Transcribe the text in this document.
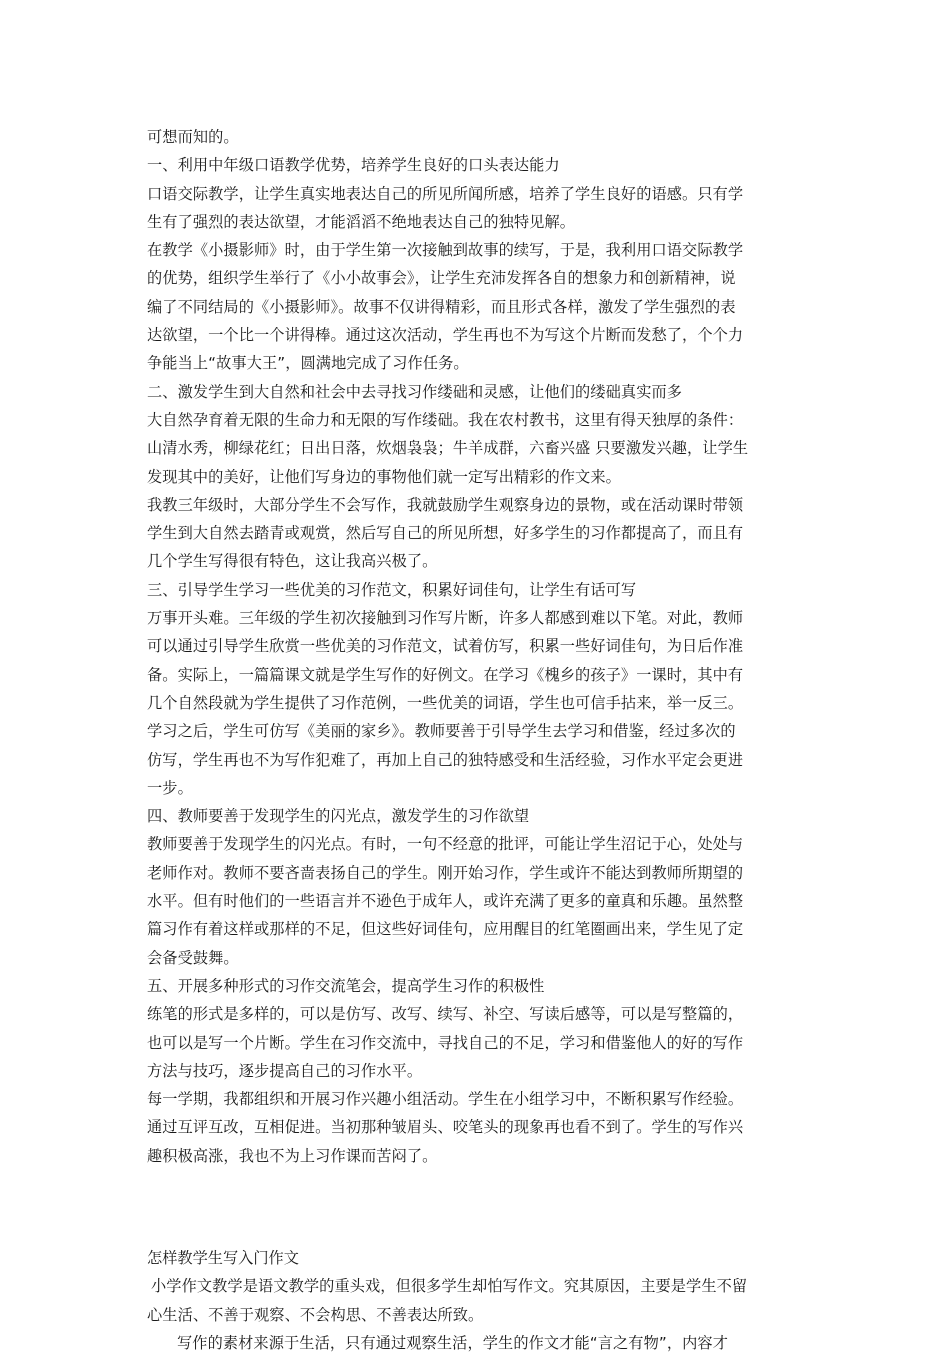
可想而知的。
一、利用中年级口语教学优势，培养学生良好的口头表达能力
口语交际教学，让学生真实地表达自己的所见所闻所感，培养了学生良好的语感。只有学
生有了强烈的表达欲望，才能滔滔不绝地表达自己的独特见解。
在教学《小摄影师》时，由于学生第一次接触到故事的续写，于是，我利用口语交际教学
的优势，组织学生举行了《小小故事会》，让学生充沛发挥各自的想象力和创新精神，说
编了不同结局的《小摄影师》。故事不仅讲得精彩，而且形式各样，激发了学生强烈的表
达欲望，一个比一个讲得棒。通过这次活动，学生再也不为写这个片断而发愁了，个个力
争能当上“故事大王”，圆满地完成了习作任务。
二、激发学生到大自然和社会中去寻找习作缕础和灵感，让他们的缕础真实而多
大自然孕育着无限的生命力和无限的写作缕础。我在农村教书，这里有得天独厚的条件：
山清水秀，柳绿花红；日出日落，炊烟袅袅；牛羊成群，六畜兴盛 只要激发兴趣，让学生
发现其中的美好，让他们写身边的事物他们就一定写出精彩的作文来。
我教三年级时，大部分学生不会写作，我就鼓励学生观察身边的景物，或在活动课时带领
学生到大自然去踏青或观赏，然后写自己的所见所想，好多学生的习作都提高了，而且有
几个学生写得很有特色，这让我高兴极了。
三、引导学生学习一些优美的习作范文，积累好词佳句，让学生有话可写
万事开头难。三年级的学生初次接触到习作写片断，许多人都感到难以下笔。对此，教师
可以通过引导学生欣赏一些优美的习作范文，试着仿写，积累一些好词佳句，为日后作准
备。实际上，一篇篇课文就是学生写作的好例文。在学习《槐乡的孩子》一课时，其中有
几个自然段就为学生提供了习作范例，一些优美的词语，学生也可信手拈来，举一反三。
学习之后，学生可仿写《美丽的家乡》。教师要善于引导学生去学习和借鉴，经过多次的
仿写，学生再也不为写作犯难了，再加上自己的独特感受和生活经验，习作水平定会更进
一步。
四、教师要善于发现学生的闪光点，激发学生的习作欲望
教师要善于发现学生的闪光点。有时，一句不经意的批评，可能让学生沼记于心，处处与
老师作对。教师不要吝啬表扬自己的学生。刚开始习作，学生或许不能达到教师所期望的
水平。但有时他们的一些语言并不逊色于成年人，或许充满了更多的童真和乐趣。虽然整
篇习作有着这样或那样的不足，但这些好词佳句，应用醒目的红笔圈画出来，学生见了定
会备受鼓舞。
五、开展多种形式的习作交流笔会，提高学生习作的积极性
练笔的形式是多样的，可以是仿写、改写、续写、补空、写读后感等，可以是写整篇的，
也可以是写一个片断。学生在习作交流中，寻找自己的不足，学习和借鉴他人的好的写作
方法与技巧，逐步提高自己的习作水平。
每一学期，我都组织和开展习作兴趣小组活动。学生在小组学习中，不断积累写作经验。
通过互评互改，互相促进。当初那种皱眉头、咬笔头的现象再也看不到了。学生的写作兴
趣积极高涨，我也不为上习作课而苦闷了。
怎样教学生写入门作文
小学作文教学是语文教学的重头戏，但很多学生却怕写作文。究其原因，主要是学生不留
心生活、不善于观察、不会构思、不善表达所致。
写作的素材来源于生活，只有通过观察生活，学生的作文才能“言之有物”，内容才
